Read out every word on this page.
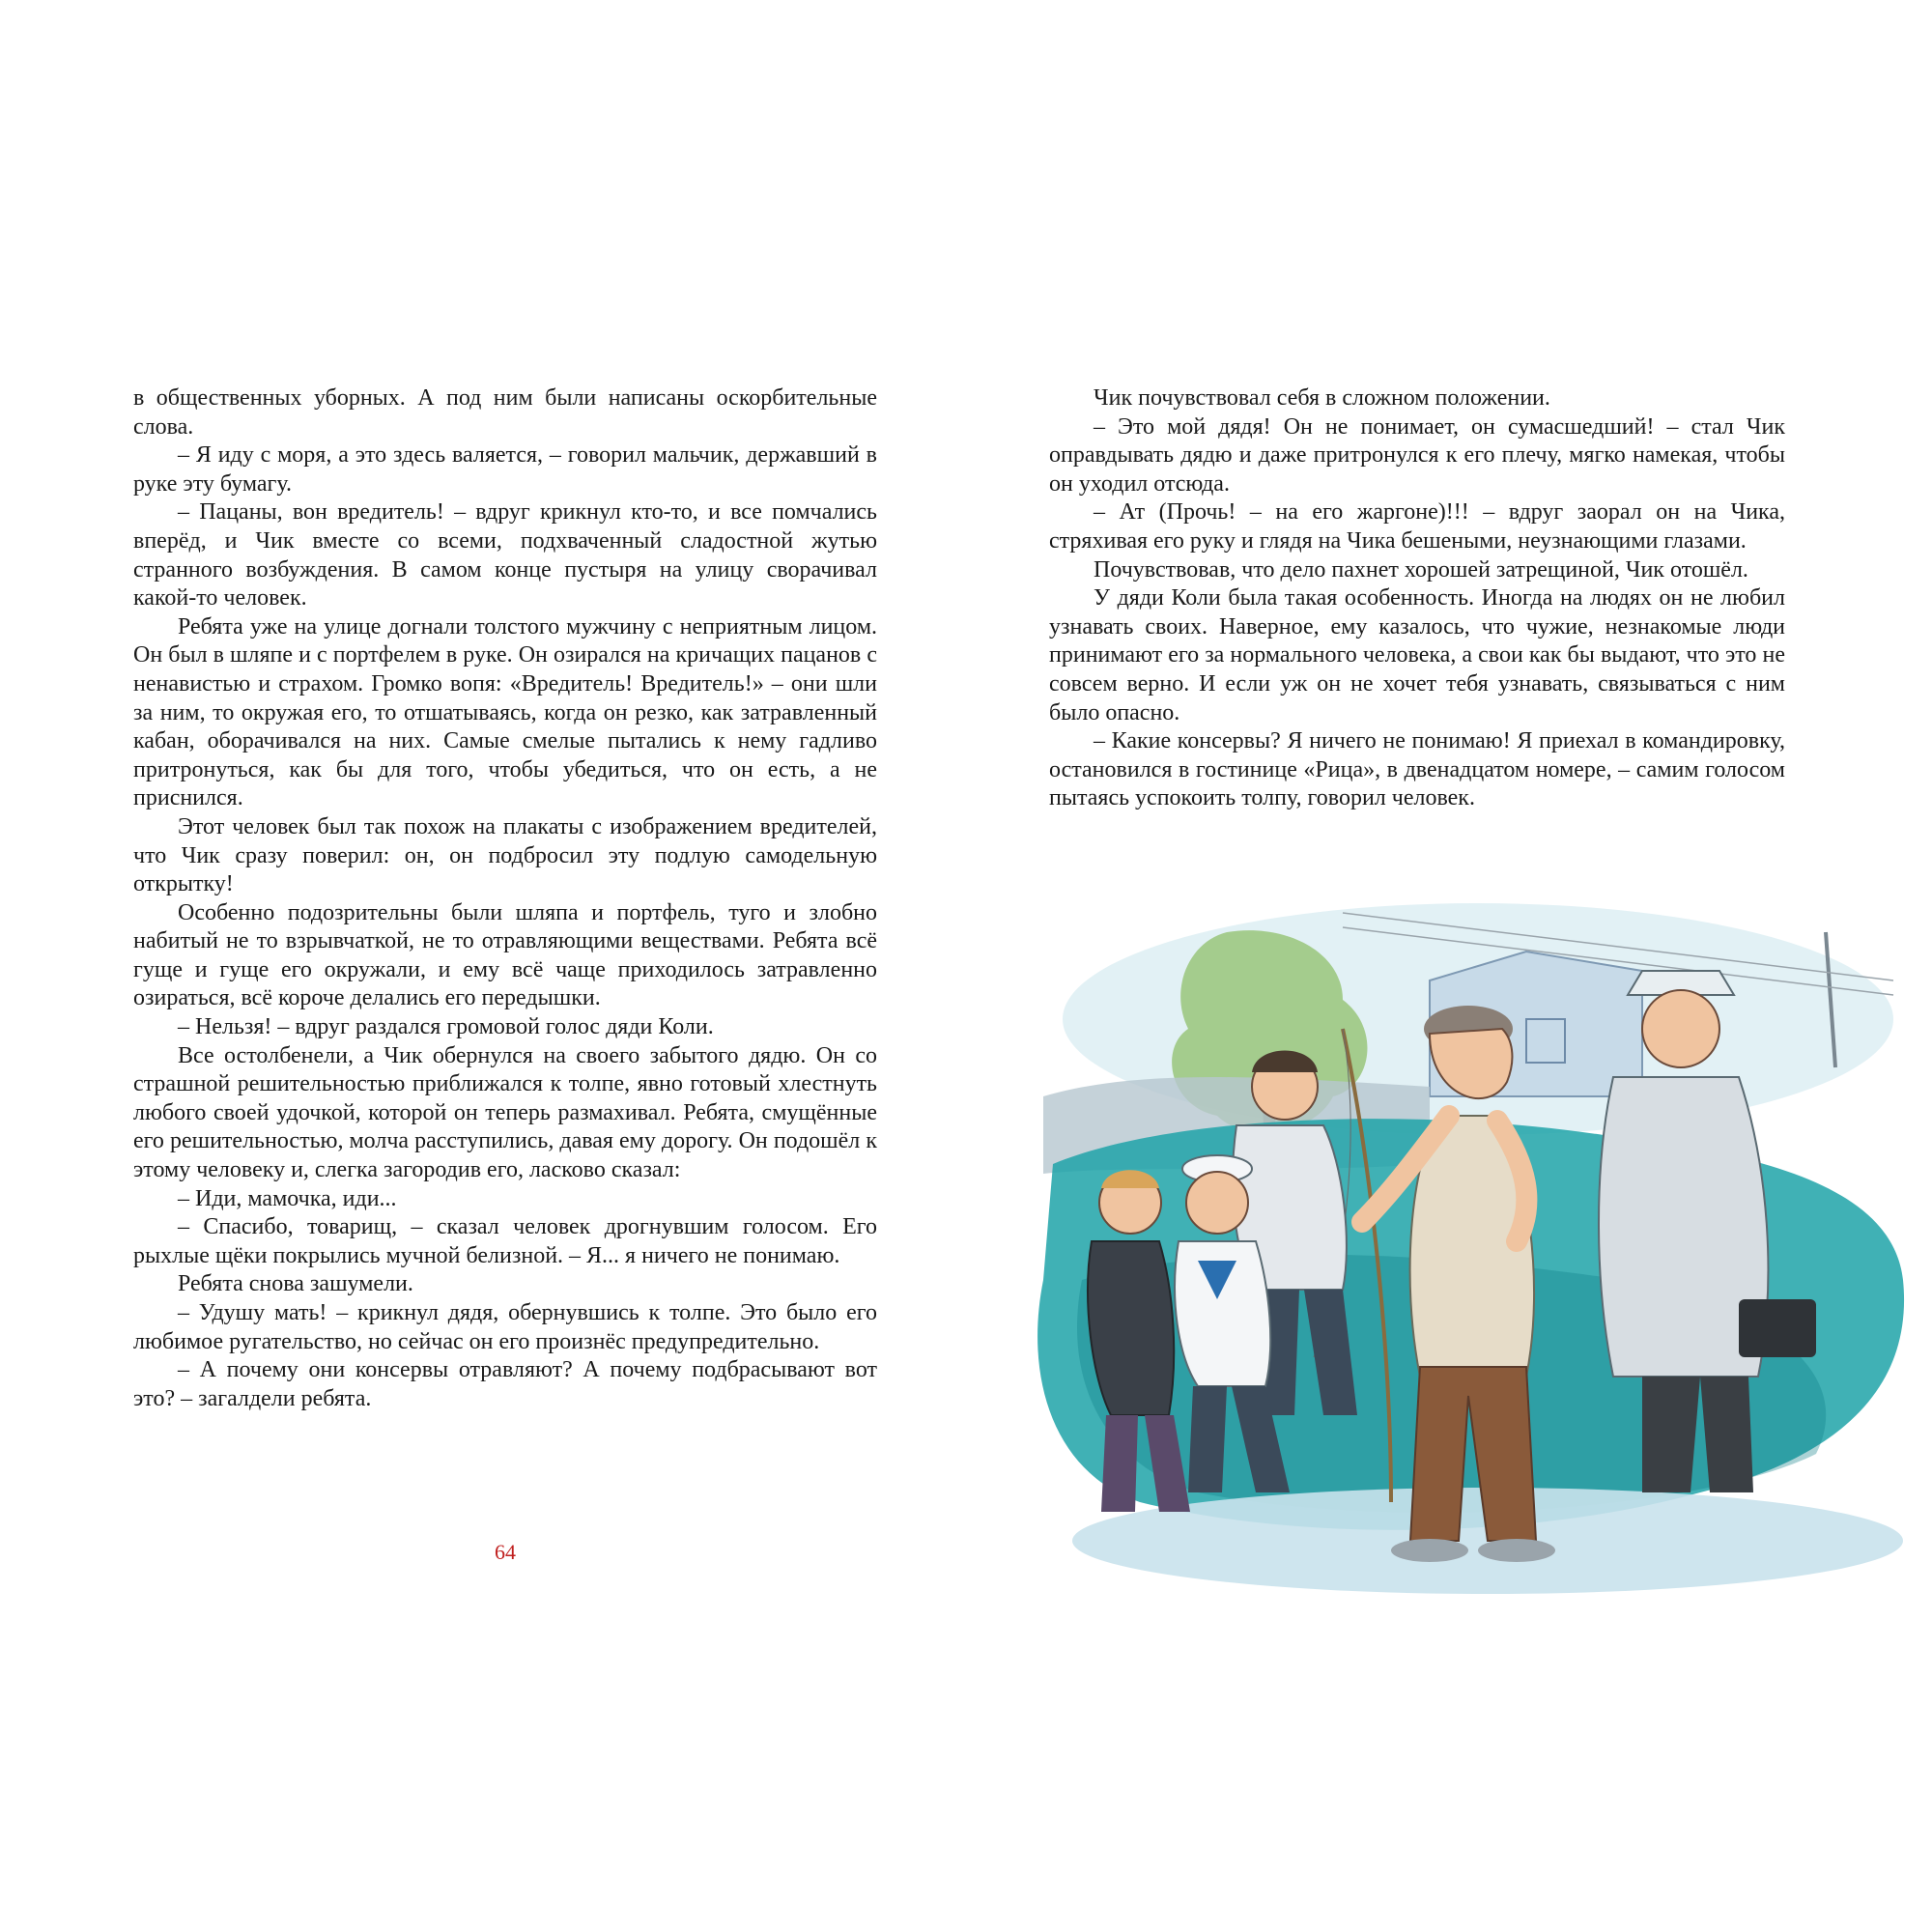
в общественных уборных. А под ним были написаны оскорбительные слова.

– Я иду с моря, а это здесь валяется, – говорил мальчик, державший в руке эту бумагу.

– Пацаны, вон вредитель! – вдруг крикнул кто-то, и все помчались вперёд, и Чик вместе со всеми, подхваченный сладостной жутью странного возбуждения. В самом конце пустыря на улицу сворачивал какой-то человек.

Ребята уже на улице догнали толстого мужчину с неприятным лицом. Он был в шляпе и с портфелем в руке. Он озирался на кричащих пацанов с ненавистью и страхом. Громко вопя: «Вредитель! Вредитель!» – они шли за ним, то окружая его, то отшатываясь, когда он резко, как затравленный кабан, оборачивался на них. Самые смелые пытались к нему гадливо притронуться, как бы для того, чтобы убедиться, что он есть, а не приснился.

Этот человек был так похож на плакаты с изображением вредителей, что Чик сразу поверил: он, он подбросил эту подлую самодельную открытку!

Особенно подозрительны были шляпа и портфель, туго и злобно набитый не то взрывчаткой, не то отравляющими веществами. Ребята всё гуще и гуще его окружали, и ему всё чаще приходилось затравленно озираться, всё короче делались его передышки.

– Нельзя! – вдруг раздался громовой голос дяди Коли.

Все остолбенели, а Чик обернулся на своего забытого дядю. Он со страшной решительностью приближался к толпе, явно готовый хлестнуть любого своей удочкой, которой он теперь размахивал. Ребята, смущённые его решительностью, молча расступились, давая ему дорогу. Он подошёл к этому человеку и, слегка загородив его, ласково сказал:

– Иди, мамочка, иди...

– Спасибо, товарищ, – сказал человек дрогнувшим голосом. Его рыхлые щёки покрылись мучной белизной. – Я... я ничего не понимаю.

Ребята снова зашумели.

– Удушу мать! – крикнул дядя, обернувшись к толпе. Это было его любимое ругательство, но сейчас он его произнёс предупредительно.

– А почему они консервы отравляют? А почему подбрасывают вот это? – загалдели ребята.

64

Чик почувствовал себя в сложном положении.

– Это мой дядя! Он не понимает, он сумасшедший! – стал Чик оправдывать дядю и даже притронулся к его плечу, мягко намекая, чтобы он уходил отсюда.

– Ат (Прочь! – на его жаргоне)!!! – вдруг заорал он на Чика, стряхивая его руку и глядя на Чика бешеными, неузнающими глазами.

Почувствовав, что дело пахнет хорошей затрещиной, Чик отошёл.

У дяди Коли была такая особенность. Иногда на людях он не любил узнавать своих. Наверное, ему казалось, что чужие, незнакомые люди принимают его за нормального человека, а свои как бы выдают, что это не совсем верно. И если уж он не хочет тебя узнавать, связываться с ним было опасно.

– Какие консервы? Я ничего не понимаю! Я приехал в командировку, остановился в гостинице «Рица», в двенадцатом номере, – самим голосом пытаясь успокоить толпу, говорил человек.
